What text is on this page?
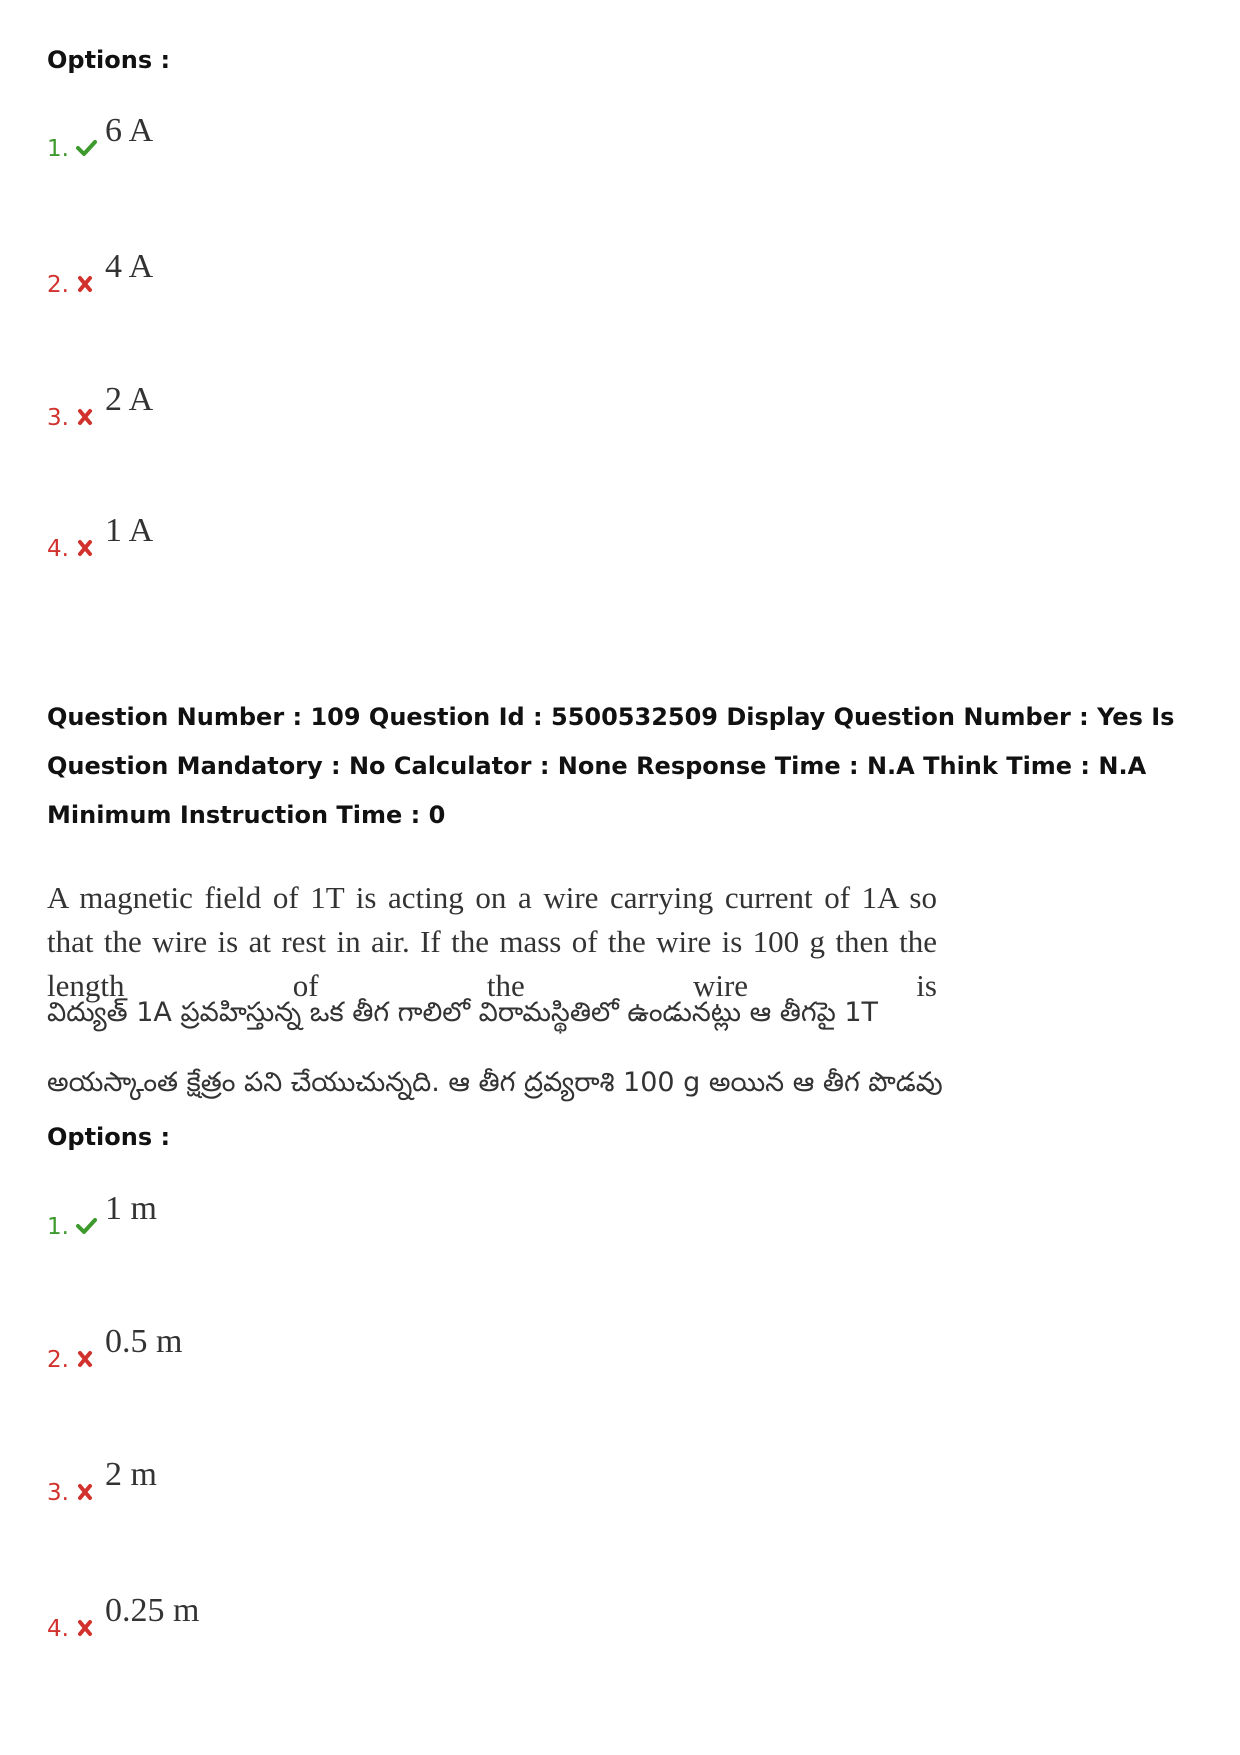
Options :
1. 6 A
2. 4 A
3. 2 A
4. 1 A

Question Number : 109 Question Id : 5500532509 Display Question Number : Yes Is Question Mandatory : No Calculator : None Response Time : N.A Think Time : N.A Minimum Instruction Time : 0

A magnetic field of 1T is acting on a wire carrying current of 1A so that the wire is at rest in air. If the mass of the wire is 100 g then the length of the wire is

విద్యుత్ 1A ప్రవహిస్తున్న ఒక తీగ గాలిలో విరామస్థితిలో ఉండునట్లు ఆ తీగపై 1T అయస్కాంత క్షేత్రం పని చేయుచున్నది. ఆ తీగ ద్రవ్యరాశి 100 g అయిన ఆ తీగ పొడవు

Options :
1. 1 m
2. 0.5 m
3. 2 m
4. 0.25 m
